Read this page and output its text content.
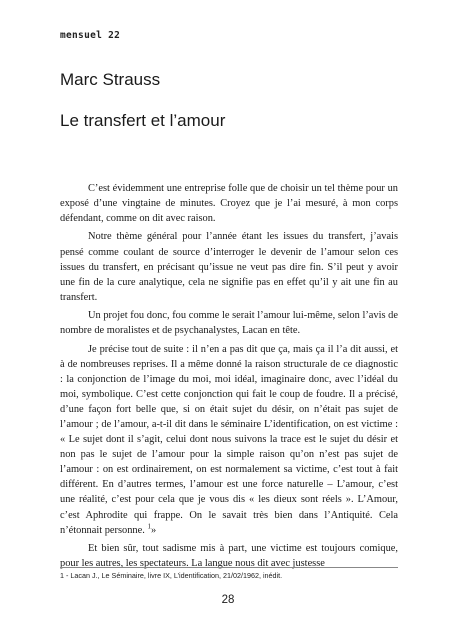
mensuel 22

Marc Strauss
Le transfert et l’amour

C’est évidemment une entreprise folle que de choisir un tel thème pour un exposé d’une vingtaine de minutes. Croyez que je l’ai mesuré, à mon corps défendant, comme on dit avec raison.

Notre thème général pour l’année étant les issues du transfert, j’avais pensé comme coulant de source d’interroger le devenir de l’amour selon ces issues du transfert, en précisant qu’issue ne veut pas dire fin. S’il peut y avoir une fin de la cure analytique, cela ne signifie pas en effet qu’il y ait une fin au transfert.

Un projet fou donc, fou comme le serait l’amour lui-même, selon l’avis de nombre de moralistes et de psychanalystes, Lacan en tête.

Je précise tout de suite : il n’en a pas dit que ça, mais ça il l’a dit aussi, et à de nombreuses reprises. Il a même donné la raison structurale de ce diagnostic : la conjonction de l’image du moi, moi idéal, imaginaire donc, avec l’idéal du moi, symbolique. C’est cette conjonction qui fait le coup de foudre. Il a précisé, d’une façon fort belle que, si on était sujet du désir, on n’était pas sujet de l’amour ; de l’amour, a-t-il dit dans le séminaire L’identification, on est victime : « Le sujet dont il s’agit, celui dont nous suivons la trace est le sujet du désir et non pas le sujet de l’amour pour la simple raison qu’on n’est pas sujet de l’amour : on est ordinairement, on est normalement sa victime, c’est tout à fait différent. En d’autres termes, l’amour est une force naturelle – L’amour, c’est une réalité, c’est pour cela que je vous dis « les dieux sont réels ». L’Amour, c’est Aphrodite qui frappe. On le savait très bien dans l’Antiquité. Cela n’étonnait personne. $^1$»

Et bien sûr, tout sadisme mis à part, une victime est toujours comique, pour les autres, les spectateurs. La langue nous dit avec justesse

1 - Lacan J., Le Séminaire, livre IX, L’identification, 21/02/1962, inédit.

28
